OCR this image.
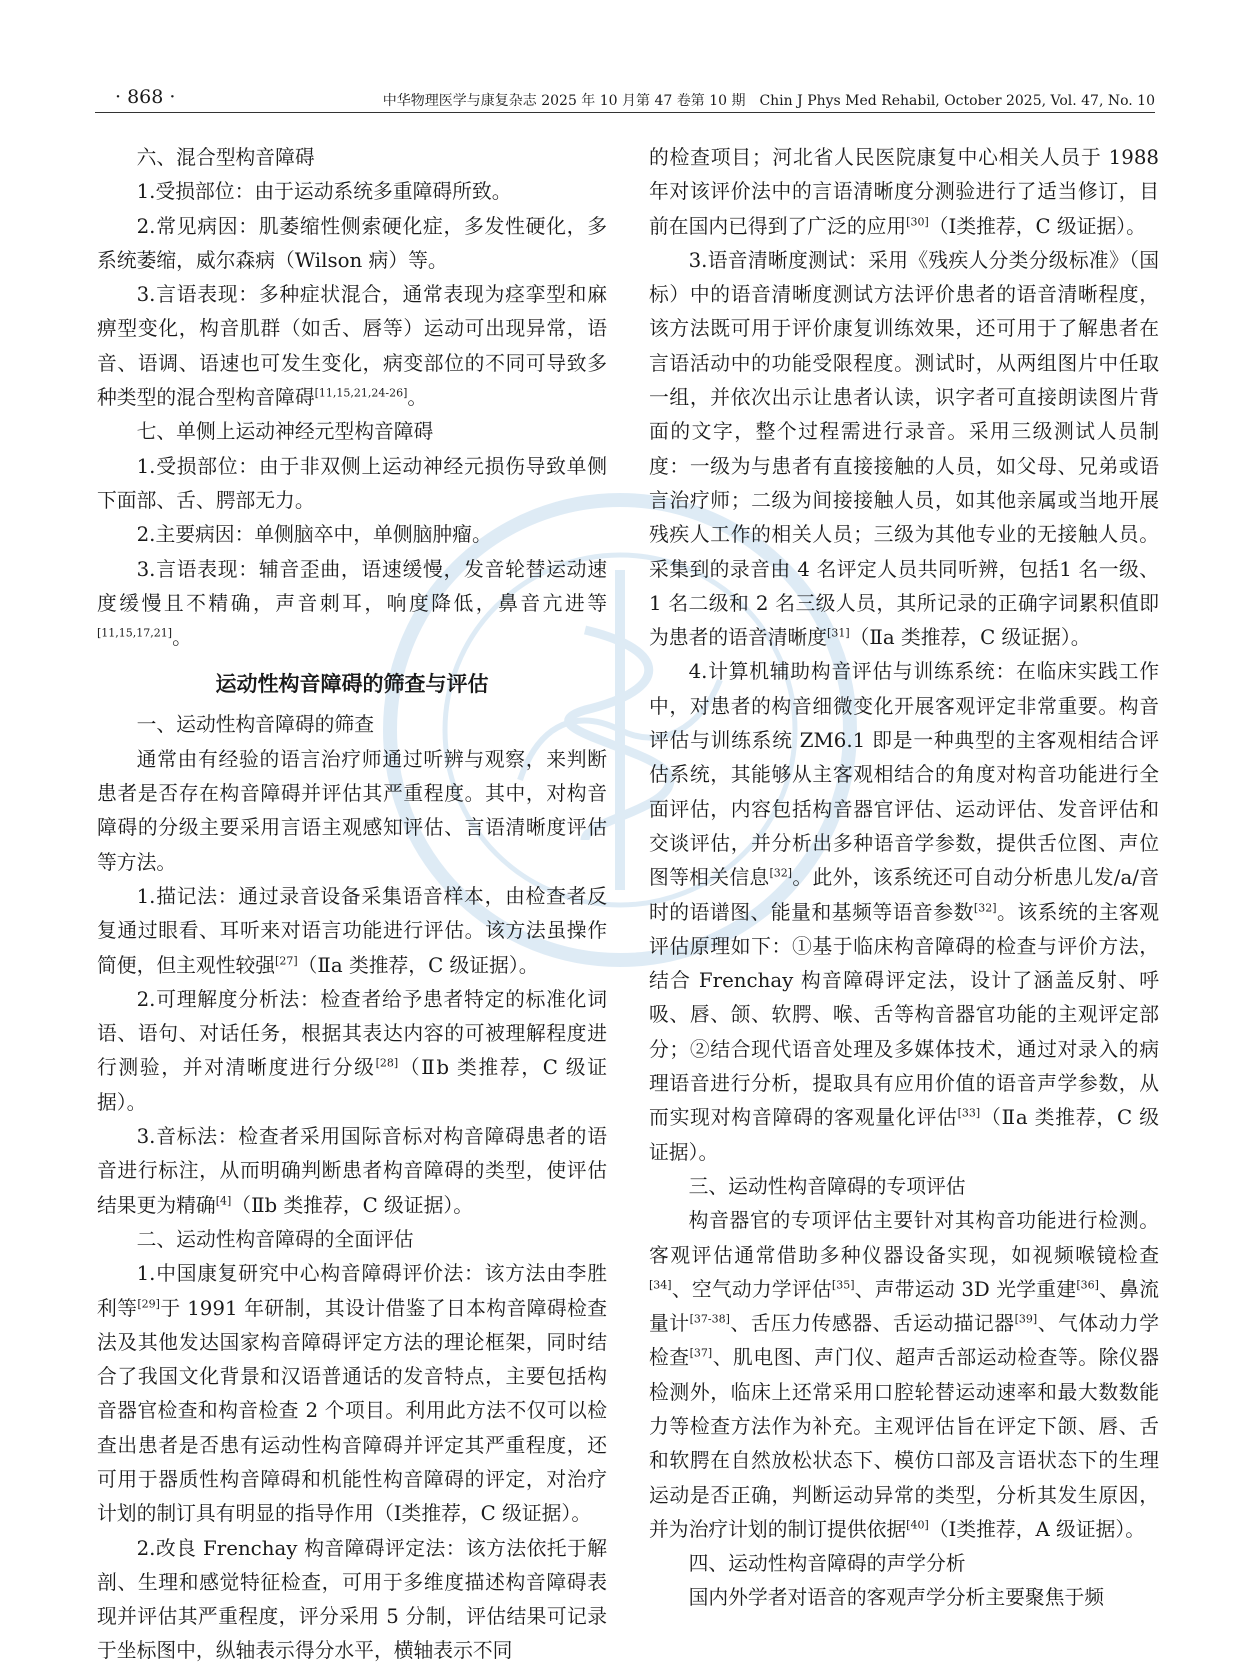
· 868 ·	中华物理医学与康复杂志 2025 年 10 月第 47 卷第 10 期　Chin J Phys Med Rehabil, October 2025, Vol. 47, No. 10

六、混合型构音障碍

1.受损部位：由于运动系统多重障碍所致。

2.常见病因：肌萎缩性侧索硬化症，多发性硬化，多系统萎缩，威尔森病（Wilson 病）等。

3.言语表现：多种症状混合，通常表现为痉挛型和麻痹型变化，构音肌群（如舌、唇等）运动可出现异常，语音、语调、语速也可发生变化，病变部位的不同可导致多种类型的混合型构音障碍[11,15,21,24-26]。

七、单侧上运动神经元型构音障碍

1.受损部位：由于非双侧上运动神经元损伤导致单侧下面部、舌、腭部无力。

2.主要病因：单侧脑卒中，单侧脑肿瘤。

3.言语表现：辅音歪曲，语速缓慢，发音轮替运动速度缓慢且不精确，声音刺耳，响度降低，鼻音亢进等[11,15,17,21]。

运动性构音障碍的筛查与评估

一、运动性构音障碍的筛查

通常由有经验的语言治疗师通过听辨与观察，来判断患者是否存在构音障碍并评估其严重程度。其中，对构音障碍的分级主要采用言语主观感知评估、言语清晰度评估等方法。

1.描记法：通过录音设备采集语音样本，由检查者反复通过眼看、耳听来对语言功能进行评估。该方法虽操作简便，但主观性较强[27]（Ⅱa 类推荐，C 级证据）。

2.可理解度分析法：检查者给予患者特定的标准化词语、语句、对话任务，根据其表达内容的可被理解程度进行测验，并对清晰度进行分级[28]（Ⅱb 类推荐，C 级证据）。

3.音标法：检查者采用国际音标对构音障碍患者的语音进行标注，从而明确判断患者构音障碍的类型，使评估结果更为精确[4]（Ⅱb 类推荐，C 级证据）。

二、运动性构音障碍的全面评估

1.中国康复研究中心构音障碍评价法：该方法由李胜利等[29]于 1991 年研制，其设计借鉴了日本构音障碍检查法及其他发达国家构音障碍评定方法的理论框架，同时结合了我国文化背景和汉语普通话的发音特点，主要包括构音器官检查和构音检查 2 个项目。利用此方法不仅可以检查出患者是否患有运动性构音障碍并评定其严重程度，还可用于器质性构音障碍和机能性构音障碍的评定，对治疗计划的制订具有明显的指导作用（Ⅰ类推荐，C 级证据）。

2.改良 Frenchay 构音障碍评定法：该方法依托于解剖、生理和感觉特征检查，可用于多维度描述构音障碍表现并评估其严重程度，评分采用 5 分制，评估结果可记录于坐标图中，纵轴表示得分水平，横轴表示不同

的检查项目；河北省人民医院康复中心相关人员于 1988 年对该评价法中的言语清晰度分测验进行了适当修订，目前在国内已得到了广泛的应用[30]（Ⅰ类推荐，C 级证据）。

3.语音清晰度测试：采用《残疾人分类分级标准》（国标）中的语音清晰度测试方法评价患者的语音清晰程度，该方法既可用于评价康复训练效果，还可用于了解患者在言语活动中的功能受限程度。测试时，从两组图片中任取一组，并依次出示让患者认读，识字者可直接朗读图片背面的文字，整个过程需进行录音。采用三级测试人员制度：一级为与患者有直接接触的人员，如父母、兄弟或语言治疗师；二级为间接接触人员，如其他亲属或当地开展残疾人工作的相关人员；三级为其他专业的无接触人员。采集到的录音由 4 名评定人员共同听辨，包括1 名一级、1 名二级和 2 名三级人员，其所记录的正确字词累积值即为患者的语音清晰度[31]（Ⅱa 类推荐，C 级证据）。

4.计算机辅助构音评估与训练系统：在临床实践工作中，对患者的构音细微变化开展客观评定非常重要。构音评估与训练系统 ZM6.1 即是一种典型的主客观相结合评估系统，其能够从主客观相结合的角度对构音功能进行全面评估，内容包括构音器官评估、运动评估、发音评估和交谈评估，并分析出多种语音学参数，提供舌位图、声位图等相关信息[32]。此外，该系统还可自动分析患儿发/a/音时的语谱图、能量和基频等语音参数[32]。该系统的主客观评估原理如下：①基于临床构音障碍的检查与评价方法，结合 Frenchay 构音障碍评定法，设计了涵盖反射、呼吸、唇、颌、软腭、喉、舌等构音器官功能的主观评定部分；②结合现代语音处理及多媒体技术，通过对录入的病理语音进行分析，提取具有应用价值的语音声学参数，从而实现对构音障碍的客观量化评估[33]（Ⅱa 类推荐，C 级证据）。

三、运动性构音障碍的专项评估

构音器官的专项评估主要针对其构音功能进行检测。客观评估通常借助多种仪器设备实现，如视频喉镜检查[34]、空气动力学评估[35]、声带运动 3D 光学重建[36]、鼻流量计[37-38]、舌压力传感器、舌运动描记器[39]、气体动力学检查[37]、肌电图、声门仪、超声舌部运动检查等。除仪器检测外，临床上还常采用口腔轮替运动速率和最大数数能力等检查方法作为补充。主观评估旨在评定下颌、唇、舌和软腭在自然放松状态下、模仿口部及言语状态下的生理运动是否正确，判断运动异常的类型，分析其发生原因，并为治疗计划的制订提供依据[40]（Ⅰ类推荐，A 级证据）。

四、运动性构音障碍的声学分析

国内外学者对语音的客观声学分析主要聚焦于频
